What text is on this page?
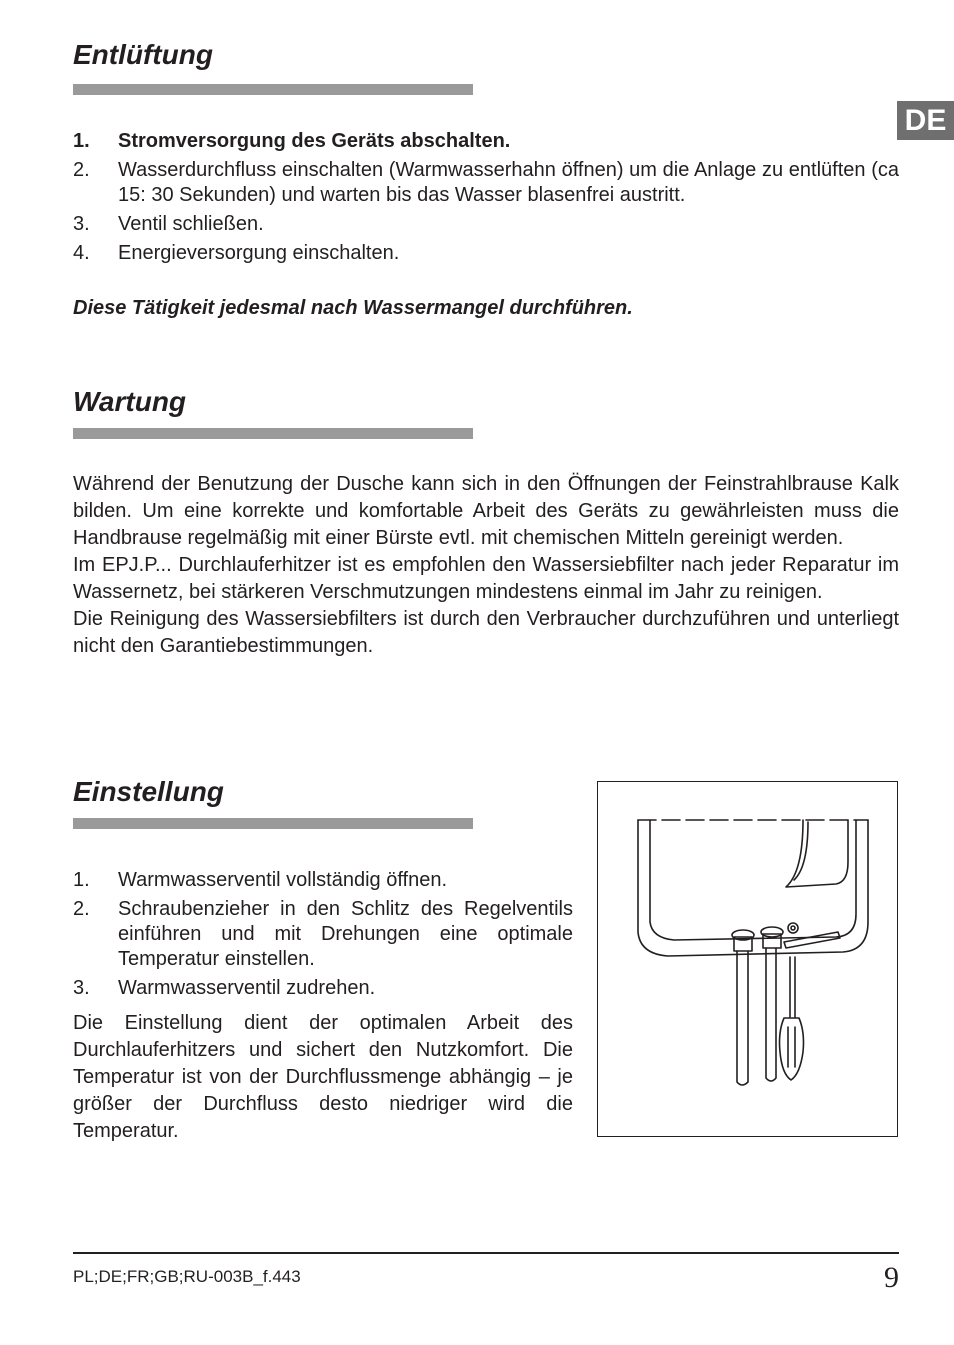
DE
Entlüftung
1. Stromversorgung des Geräts abschalten.
2. Wasserdurchfluss einschalten (Warmwasserhahn öffnen) um die Anlage zu entlüften (ca 15: 30 Sekunden) und warten bis das Wasser blasenfrei austritt.
3. Ventil schließen.
4. Energieversorgung einschalten.
Diese Tätigkeit jedesmal nach Wassermangel durchführen.
Wartung

Während der Benutzung der Dusche kann sich in den Öffnungen der Feinstrahlbrause Kalk bilden. Um eine korrekte und komfortable Arbeit des Geräts zu gewährleisten muss die Handbrause regelmäßig mit einer Bürste evtl. mit chemischen Mitteln gereinigt werden.

Im EPJ.P... Durchlauferhitzer ist es empfohlen den Wassersiebfilter nach jeder Reparatur im Wassernetz, bei stärkeren Verschmutzungen mindestens einmal im Jahr zu reinigen.

Die Reinigung des Wassersiebfilters ist durch den Verbraucher durchzuführen und unterliegt nicht den Garantiebestimmungen.

Einstellung
1. Warmwasserventil vollständig öffnen.
2. Schraubenzieher in den Schlitz des Regelventils einführen und mit Drehungen eine optimale Temperatur einstellen.
3. Warmwasserventil zudrehen.

Die Einstellung dient der optimalen Arbeit des Durchlauferhitzers und sichert den Nutzkomfort. Die Temperatur ist von der Durchflussmenge abhängig – je größer der Durchfluss desto niedriger wird die Temperatur.

PL;DE;FR;GB;RU-003B_f.443	9
